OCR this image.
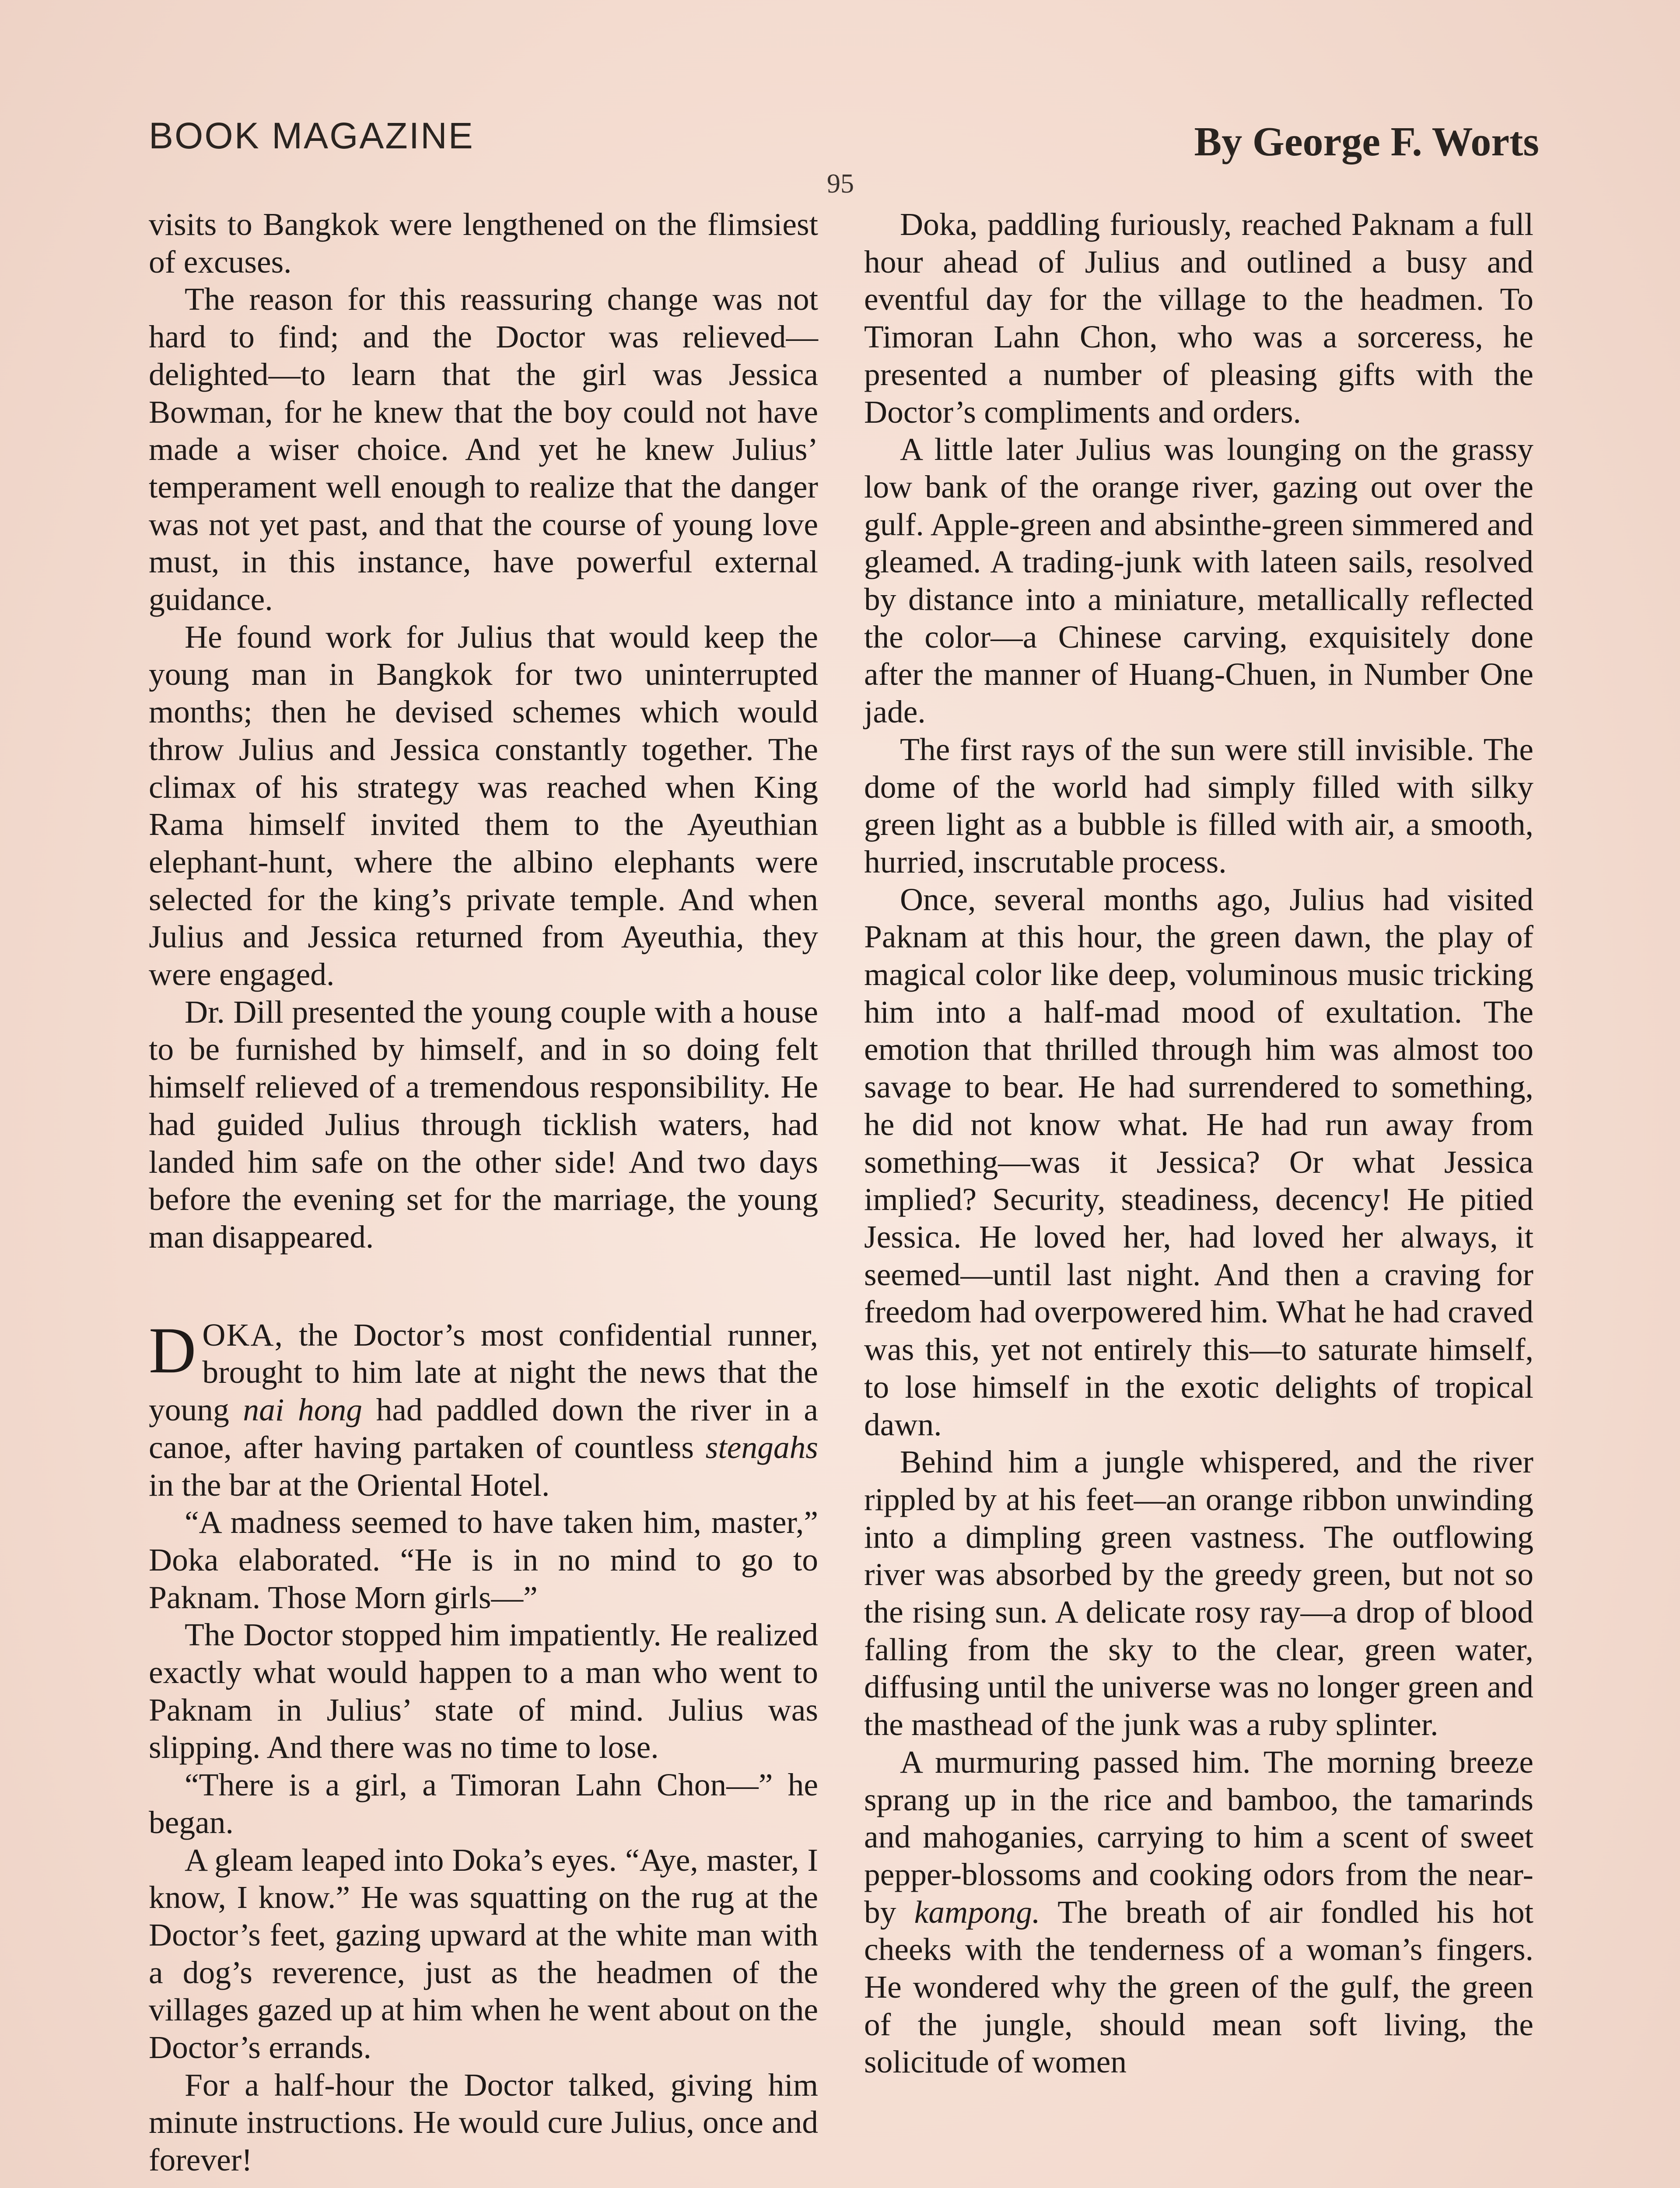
BOOK MAGAZINE	By George F. Worts
95

visits to Bangkok were lengthened on the flimsiest of excuses.

The reason for this reassuring change was not hard to find; and the Doctor was relieved—delighted—to learn that the girl was Jessica Bowman, for he knew that the boy could not have made a wiser choice. And yet he knew Julius’ temperament well enough to realize that the danger was not yet past, and that the course of young love must, in this instance, have powerful external guidance.

He found work for Julius that would keep the young man in Bangkok for two uninterrupted months; then he devised schemes which would throw Julius and Jessica constantly together. The climax of his strategy was reached when King Rama himself invited them to the Ayeuthian elephant-hunt, where the albino elephants were selected for the king’s private temple. And when Julius and Jessica returned from Ayeuthia, they were engaged.

Dr. Dill presented the young couple with a house to be furnished by himself, and in so doing felt himself relieved of a tremendous responsibility. He had guided Julius through ticklish waters, had landed him safe on the other side! And two days before the evening set for the marriage, the young man disappeared.

DOKA, the Doctor’s most confidential runner, brought to him late at night the news that the young nai hong had paddled down the river in a canoe, after having partaken of countless stengahs in the bar at the Oriental Hotel.

“A madness seemed to have taken him, master,” Doka elaborated. “He is in no mind to go to Paknam. Those Morn girls—”

The Doctor stopped him impatiently. He realized exactly what would happen to a man who went to Paknam in Julius’ state of mind. Julius was slipping. And there was no time to lose.

“There is a girl, a Timoran Lahn Chon—” he began.

A gleam leaped into Doka’s eyes. “Aye, master, I know, I know.” He was squatting on the rug at the Doctor’s feet, gazing upward at the white man with a dog’s reverence, just as the headmen of the villages gazed up at him when he went about on the Doctor’s errands.

For a half-hour the Doctor talked, giving him minute instructions. He would cure Julius, once and forever!

Doka, paddling furiously, reached Paknam a full hour ahead of Julius and outlined a busy and eventful day for the village to the headmen. To Timoran Lahn Chon, who was a sorceress, he presented a number of pleasing gifts with the Doctor’s compliments and orders.

A little later Julius was lounging on the grassy low bank of the orange river, gazing out over the gulf. Apple-green and absinthe-green simmered and gleamed. A trading-junk with lateen sails, resolved by distance into a miniature, metallically reflected the color—a Chinese carving, exquisitely done after the manner of Huang-Chuen, in Number One jade.

The first rays of the sun were still invisible. The dome of the world had simply filled with silky green light as a bubble is filled with air, a smooth, hurried, inscrutable process.

Once, several months ago, Julius had visited Paknam at this hour, the green dawn, the play of magical color like deep, voluminous music tricking him into a half-mad mood of exultation. The emotion that thrilled through him was almost too savage to bear. He had surrendered to something, he did not know what. He had run away from something—was it Jessica? Or what Jessica implied? Security, steadiness, decency! He pitied Jessica. He loved her, had loved her always, it seemed—until last night. And then a craving for freedom had overpowered him. What he had craved was this, yet not entirely this—to saturate himself, to lose himself in the exotic delights of tropical dawn.

Behind him a jungle whispered, and the river rippled by at his feet—an orange ribbon unwinding into a dimpling green vastness. The outflowing river was absorbed by the greedy green, but not so the rising sun. A delicate rosy ray—a drop of blood falling from the sky to the clear, green water, diffusing until the universe was no longer green and the masthead of the junk was a ruby splinter.

A murmuring passed him. The morning breeze sprang up in the rice and bamboo, the tamarinds and mahoganies, carrying to him a scent of sweet pepper-blossoms and cooking odors from the near-by kampong. The breath of air fondled his hot cheeks with the tenderness of a woman’s fingers. He wondered why the green of the gulf, the green of the jungle, should mean soft living, the solicitude of women
